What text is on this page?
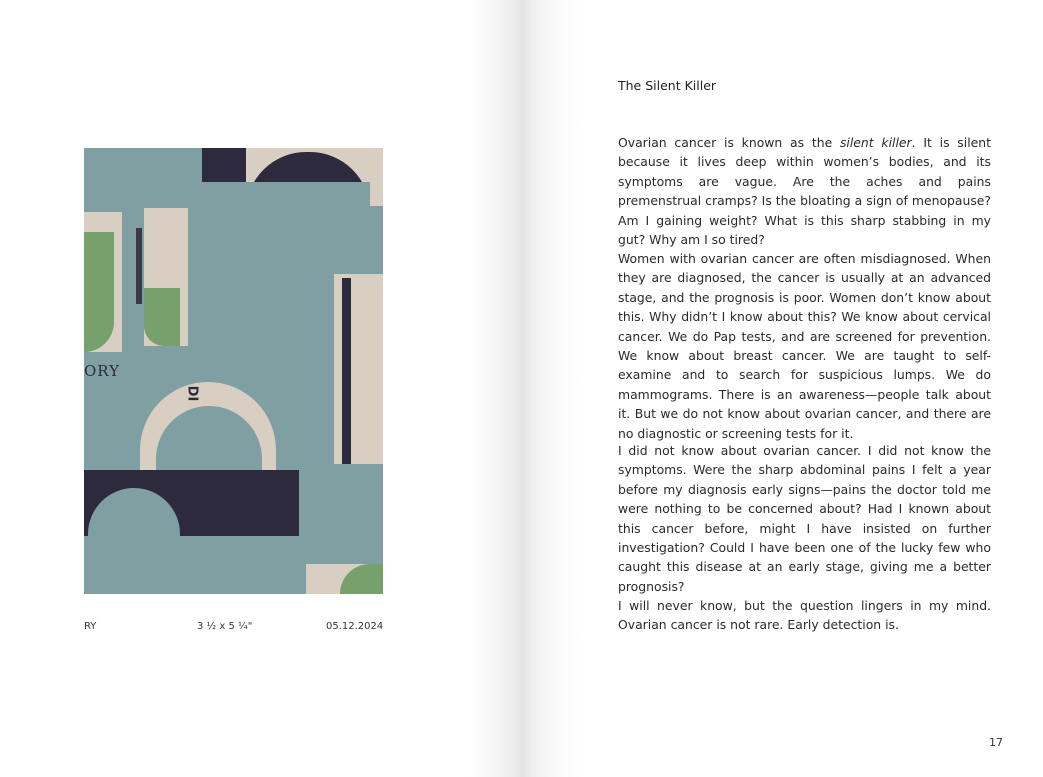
ORY
DI
RY	3 ½ x 5 ¼"	05.12.2024
The Silent Killer

Ovarian cancer is known as the silent killer. It is silent because it lives deep within women’s bodies, and its symptoms are vague. Are the aches and pains premenstrual cramps? Is the bloating a sign of menopause? Am I gaining weight? What is this sharp stabbing in my gut? Why am I so tired?

Women with ovarian cancer are often misdiagnosed. When they are diagnosed, the cancer is usually at an advanced stage, and the prognosis is poor. Women don’t know about this. Why didn’t I know about this? We know about cervical cancer. We do Pap tests, and are screened for prevention. We know about breast cancer. We are taught to self-examine and to search for suspicious lumps. We do mammograms. There is an awareness—people talk about it. But we do not know about ovarian cancer, and there are no diagnostic or screening tests for it.

I did not know about ovarian cancer. I did not know the symptoms. Were the sharp abdominal pains I felt a year before my diagnosis early signs—pains the doctor told me were nothing to be concerned about? Had I known about this cancer before, might I have insisted on further investigation? Could I have been one of the lucky few who caught this disease at an early stage, giving me a better prognosis?

I will never know, but the question lingers in my mind. Ovarian cancer is not rare. Early detection is.

17
